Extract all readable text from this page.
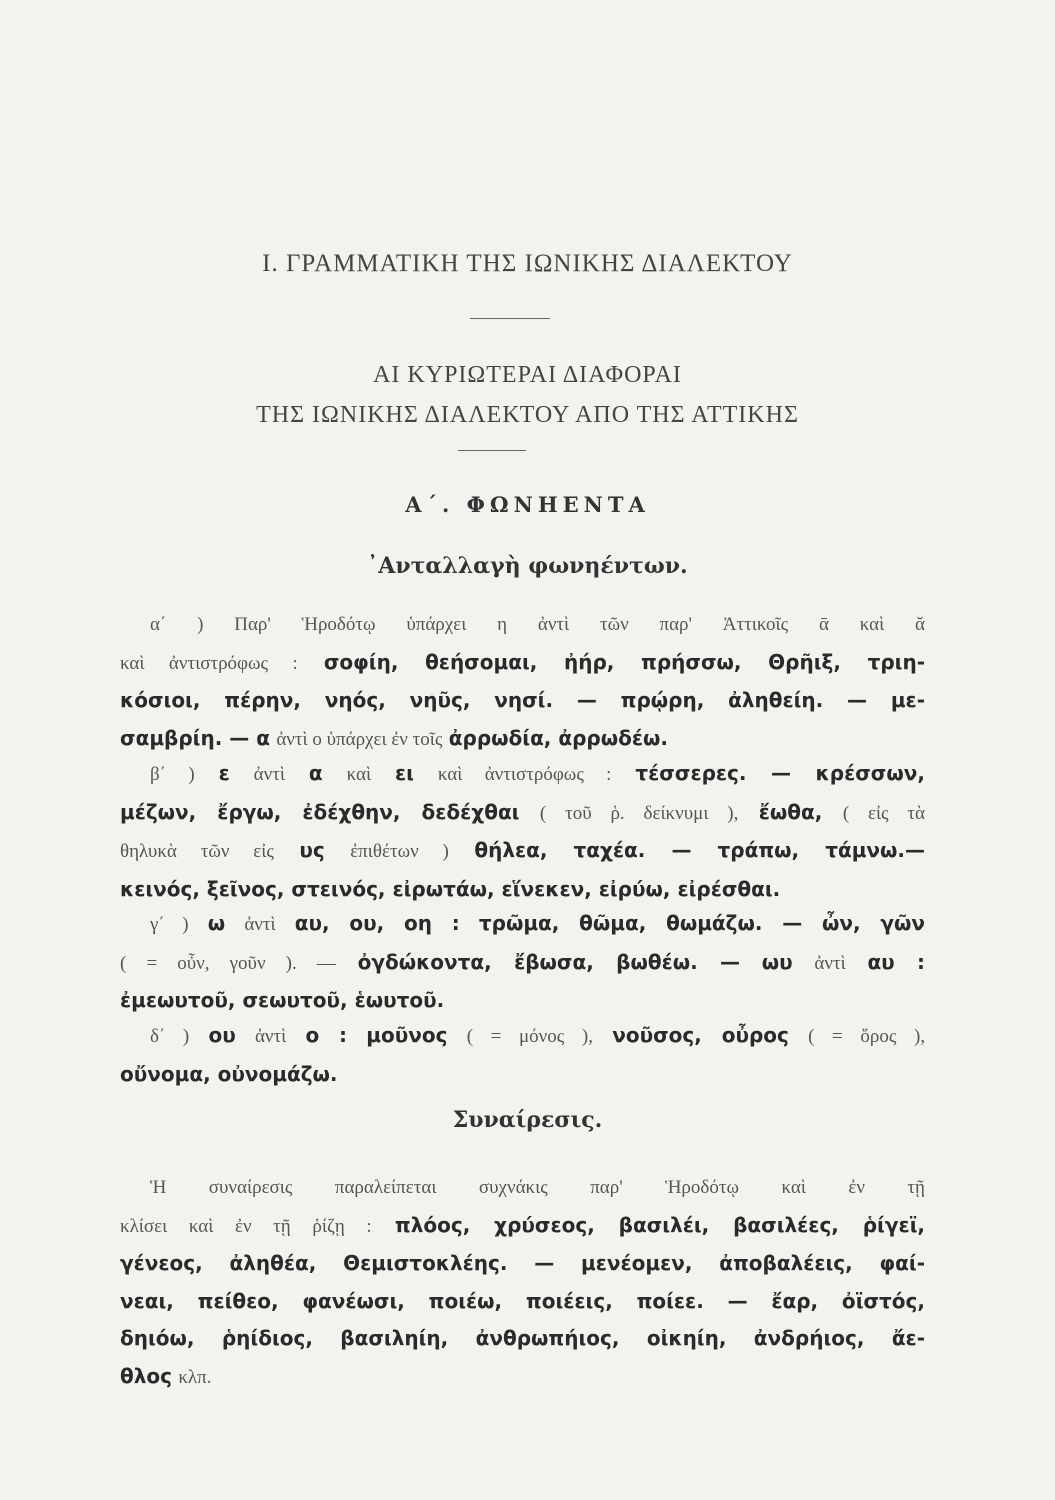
I. ΓΡΑΜΜΑΤΙΚΗ ΤΗΣ ΙΩΝΙΚΗΣ ΔΙΑΛΕΚΤΟΥ
ΑΙ ΚΥΡΙΩΤΕΡΑΙ ΔΙΑΦΟΡΑΙ
ΤΗΣ ΙΩΝΙΚΗΣ ΔΙΑΛΕΚΤΟΥ ΑΠΟ ΤΗΣ ΑΤΤΙΚΗΣ
Α΄. ΦΩΝΗΕΝΤΑ
᾿Ανταλλαγὴ φωνηέντων.
α΄ ) Παρ' Ἡροδότῳ ὑπάρχει η ἀντὶ τῶν παρ' Ἀττικοῖς ᾱ καὶ ᾰ
καὶ ἀντιστρόφως : σοφίη, θεήσομαι, ἠήρ, πρήσσω, Θρῆιξ, τριη-
κόσιοι, πέρην, νηός, νηῦς, νησί. — πρῴρη, ἀληθείη. — με-
σαμβρίη. — α ἀντὶ ο ὑπάρχει ἐν τοῖς ἀρρωδία, ἀρρωδέω.
β΄ ) ε ἀντὶ α καὶ ει καὶ ἀντιστρόφως : τέσσερες. — κρέσσων,
μέζων, ἔργω, ἐδέχθην, δεδέχθαι ( τοῦ ῥ. δείκνυμι ), ἔωθα, ( εἰς τὰ
θηλυκὰ τῶν εἰς υς ἐπιθέτων ) θήλεα, ταχέα. — τράπω, τάμνω.—
κεινός, ξεῖνος, στεινός, εἰρωτάω, εἵνεκεν, εἰρύω, εἰρέσθαι.
γ΄ ) ω ἀντὶ αυ, ου, οη : τρῶμα, θῶμα, θωμάζω. — ὦν, γῶν
( = οὖν, γοῦν ). — ὀγδώκοντα, ἔβωσα, βωθέω. — ωυ ἀντὶ αυ :
ἐμεωυτοῦ, σεωυτοῦ, ἑωυτοῦ.
δ΄ ) ου ἀντὶ ο : μοῦνος ( = μόνος ), νοῦσος, οὖρος ( = ὅρος ),
οὔνομα, οὐνομάζω.
Συναίρεσις.
Ἡ συναίρεσις παραλείπεται συχνάκις παρ' Ἡροδότῳ καὶ ἐν τῇ
κλίσει καὶ ἐν τῇ ῥίζῃ : πλόος, χρύσεος, βασιλέι, βασιλέες, ῥίγεϊ,
γένεος, ἀληθέα, Θεμιστοκλέης. — μενέομεν, ἀποβαλέεις, φαί-
νεαι, πείθεο, φανέωσι, ποιέω, ποιέεις, ποίεε. — ἔαρ, ὀϊστός,
δηιόω, ῥηίδιος, βασιληίη, ἀνθρωπήιος, οἰκηίη, ἀνδρήιος, ἄε-
θλος κλπ.
